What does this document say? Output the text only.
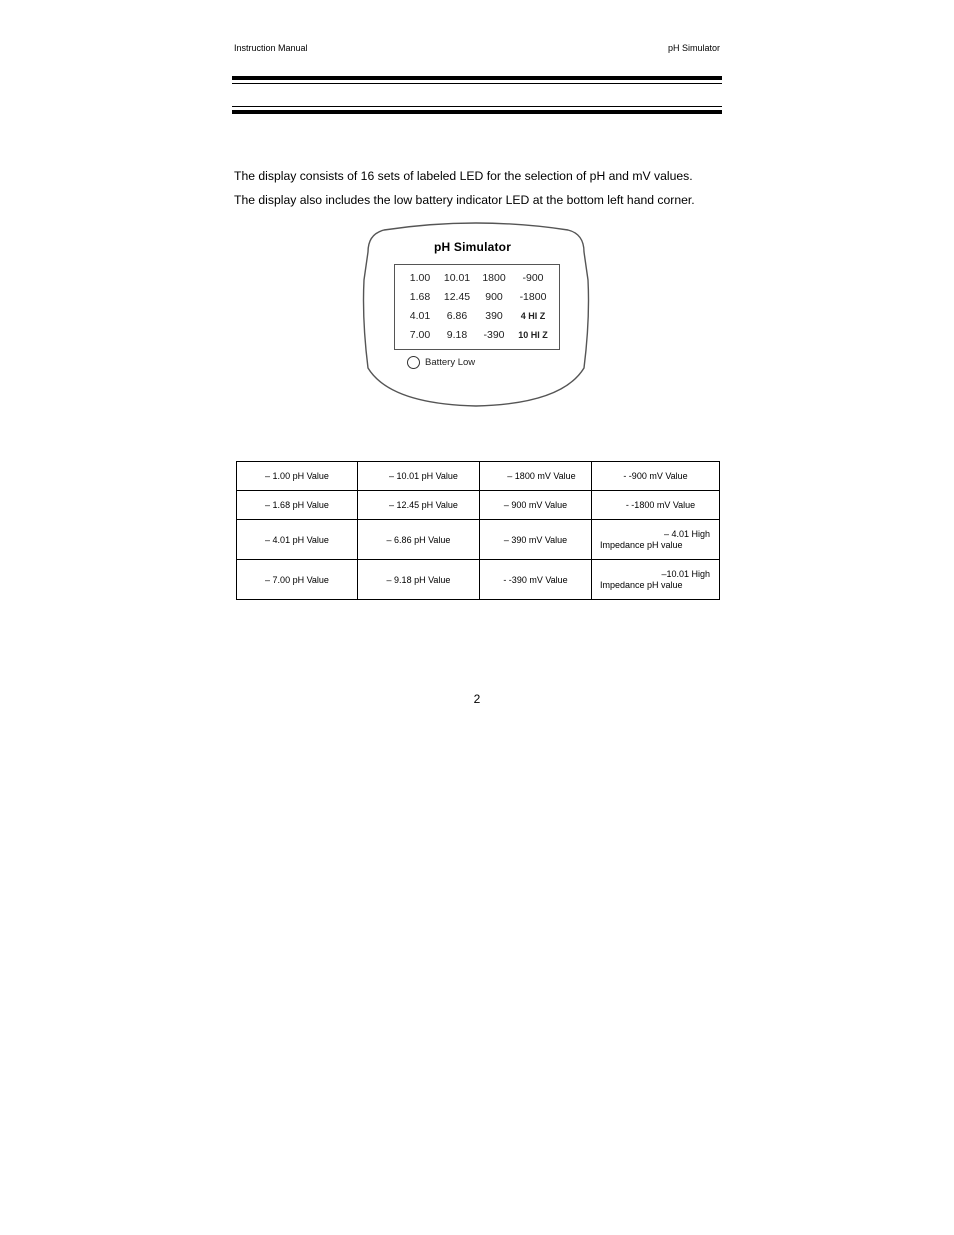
Instruction Manual	pH Simulator
The display consists of 16 sets of labeled LED for the selection of pH and mV values.
The display also includes the low battery indicator LED at the bottom left hand corner.
pH Simulator
1.00	10.01	1800	-900
1.68	12.45	900	-1800
4.01	6.86	390	4 HI Z
7.00	9.18	-390	10 HI Z
Battery Low
– 1.00 pH Value	– 10.01 pH Value	– 1800 mV Value	- -900 mV Value
– 1.68 pH Value	– 12.45 pH Value	– 900 mV Value	- -1800 mV Value
– 4.01 pH Value	– 6.86 pH Value	– 390 mV Value	– 4.01 High
Impedance pH value

– 7.00 pH Value	– 9.18 pH Value	- -390 mV Value	–10.01 High
Impedance pH value
2
